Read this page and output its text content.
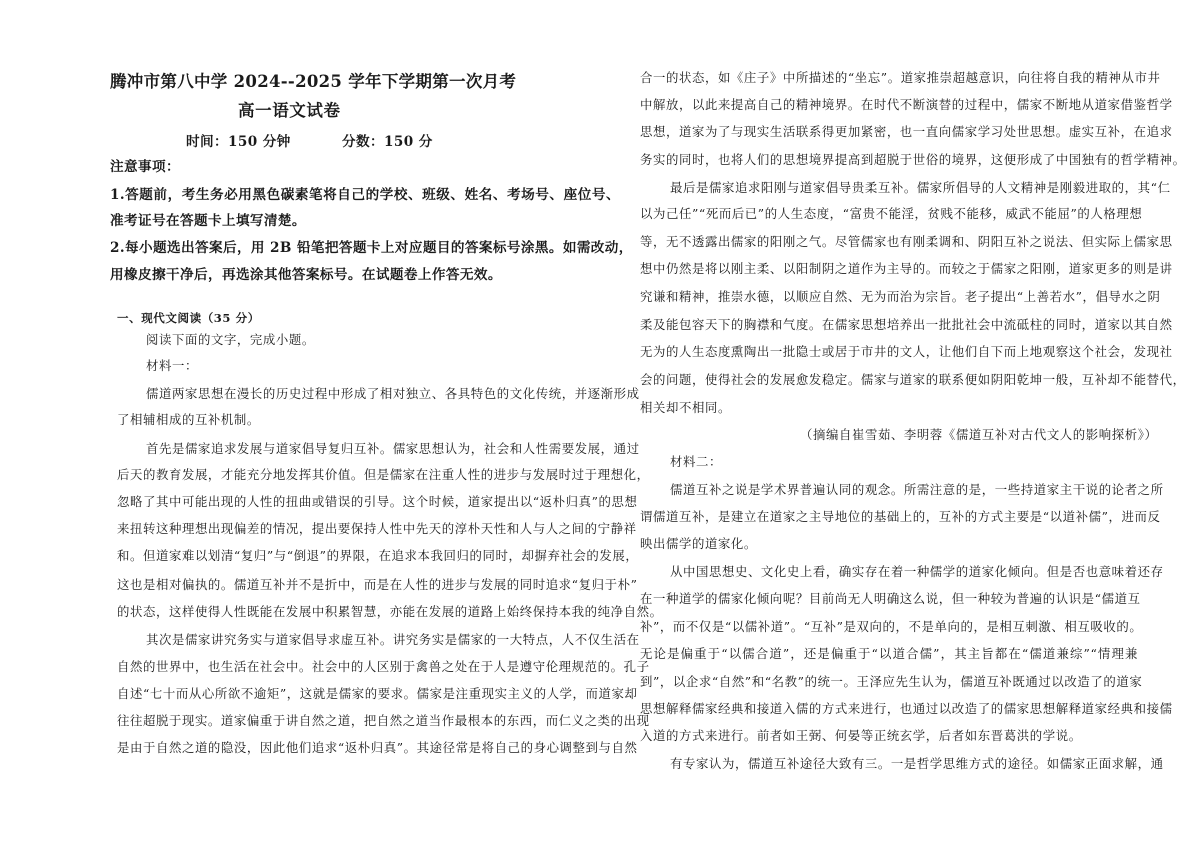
腾冲市第八中学 2024--2025 学年下学期第一次月考
高一语文试卷
时间：150 分钟          分数：150 分
注意事项：
1.答题前，考生务必用黑色碳素笔将自己的学校、班级、姓名、考场号、座位号、
准考证号在答题卡上填写清楚。
2.每小题选出答案后，用 2B 铅笔把答题卡上对应题目的答案标号涂黑。如需改动，
用橡皮擦干净后，再选涂其他答案标号。在试题卷上作答无效。
一、现代文阅读（35 分）
阅读下面的文字，完成小题。
材料一：
儒道两家思想在漫长的历史过程中形成了相对独立、各具特色的文化传统，并逐渐形成
了相辅相成的互补机制。
首先是儒家追求发展与道家倡导复归互补。儒家思想认为，社会和人性需要发展，通过
后天的教育发展，才能充分地发挥其价值。但是儒家在注重人性的进步与发展时过于理想化，
忽略了其中可能出现的人性的扭曲或错误的引导。这个时候，道家提出以“返朴归真”的思想
来扭转这种理想出现偏差的情况，提出要保持人性中先天的淳朴天性和人与人之间的宁静祥
和。但道家难以划清“复归”与“倒退”的界限，在追求本我回归的同时，却摒弃社会的发展，
这也是相对偏执的。儒道互补并不是折中，而是在人性的进步与发展的同时追求“复归于朴”
的状态，这样使得人性既能在发展中积累智慧，亦能在发展的道路上始终保持本我的纯净自然。
其次是儒家讲究务实与道家倡导求虚互补。讲究务实是儒家的一大特点，人不仅生活在
自然的世界中，也生活在社会中。社会中的人区别于禽兽之处在于人是遵守伦理规范的。孔子
自述“七十而从心所欲不逾矩”，这就是儒家的要求。儒家是注重现实主义的人学，而道家却
往往超脱于现实。道家偏重于讲自然之道，把自然之道当作最根本的东西，而仁义之类的出现
是由于自然之道的隐没，因此他们追求“返朴归真”。其途径常是将自己的身心调整到与自然
合一的状态，如《庄子》中所描述的“坐忘”。道家推崇超越意识，向往将自我的精神从市井
中解放，以此来提高自己的精神境界。在时代不断演替的过程中，儒家不断地从道家借鉴哲学
思想，道家为了与现实生活联系得更加紧密，也一直向儒家学习处世思想。虚实互补，在追求
务实的同时，也将人们的思想境界提高到超脱于世俗的境界，这便形成了中国独有的哲学精神。
最后是儒家追求阳刚与道家倡导贵柔互补。儒家所倡导的人文精神是刚毅进取的，其“仁
以为己任”“死而后已”的人生态度，“富贵不能淫，贫贱不能移，威武不能屈”的人格理想
等，无不透露出儒家的阳刚之气。尽管儒家也有刚柔调和、阴阳互补之说法、但实际上儒家思
想中仍然是将以刚主柔、以阳制阴之道作为主导的。而较之于儒家之阳刚，道家更多的则是讲
究谦和精神，推崇水德，以顺应自然、无为而治为宗旨。老子提出“上善若水”，倡导水之阴
柔及能包容天下的胸襟和气度。在儒家思想培养出一批批社会中流砥柱的同时，道家以其自然
无为的人生态度熏陶出一批隐士或居于市井的文人，让他们自下而上地观察这个社会，发现社
会的问题，使得社会的发展愈发稳定。儒家与道家的联系便如阴阳乾坤一般，互补却不能替代，
相关却不相同。
（摘编自崔雪茹、李明蓉《儒道互补对古代文人的影响探析》）
材料二：
儒道互补之说是学术界普遍认同的观念。所需注意的是，一些持道家主干说的论者之所
谓儒道互补，是建立在道家之主导地位的基础上的，互补的方式主要是“以道补儒”，进而反
映出儒学的道家化。
从中国思想史、文化史上看，确实存在着一种儒学的道家化倾向。但是否也意味着还存
在一种道学的儒家化倾向呢？目前尚无人明确这么说，但一种较为普遍的认识是“儒道互
补”，而不仅是“以儒补道”。“互补”是双向的，不是单向的，是相互刺激、相互吸收的。
无论是偏重于“以儒合道”，还是偏重于“以道合儒”，其主旨都在“儒道兼综”“情理兼
到”，以企求“自然”和“名教”的统一。王泽应先生认为，儒道互补既通过以改造了的道家
思想解释儒家经典和接道入儒的方式来进行，也通过以改造了的儒家思想解释道家经典和接儒
入道的方式来进行。前者如王弼、何晏等正统玄学，后者如东晋葛洪的学说。
有专家认为，儒道互补途径大致有三。一是哲学思维方式的途径。如儒家正面求解，通
